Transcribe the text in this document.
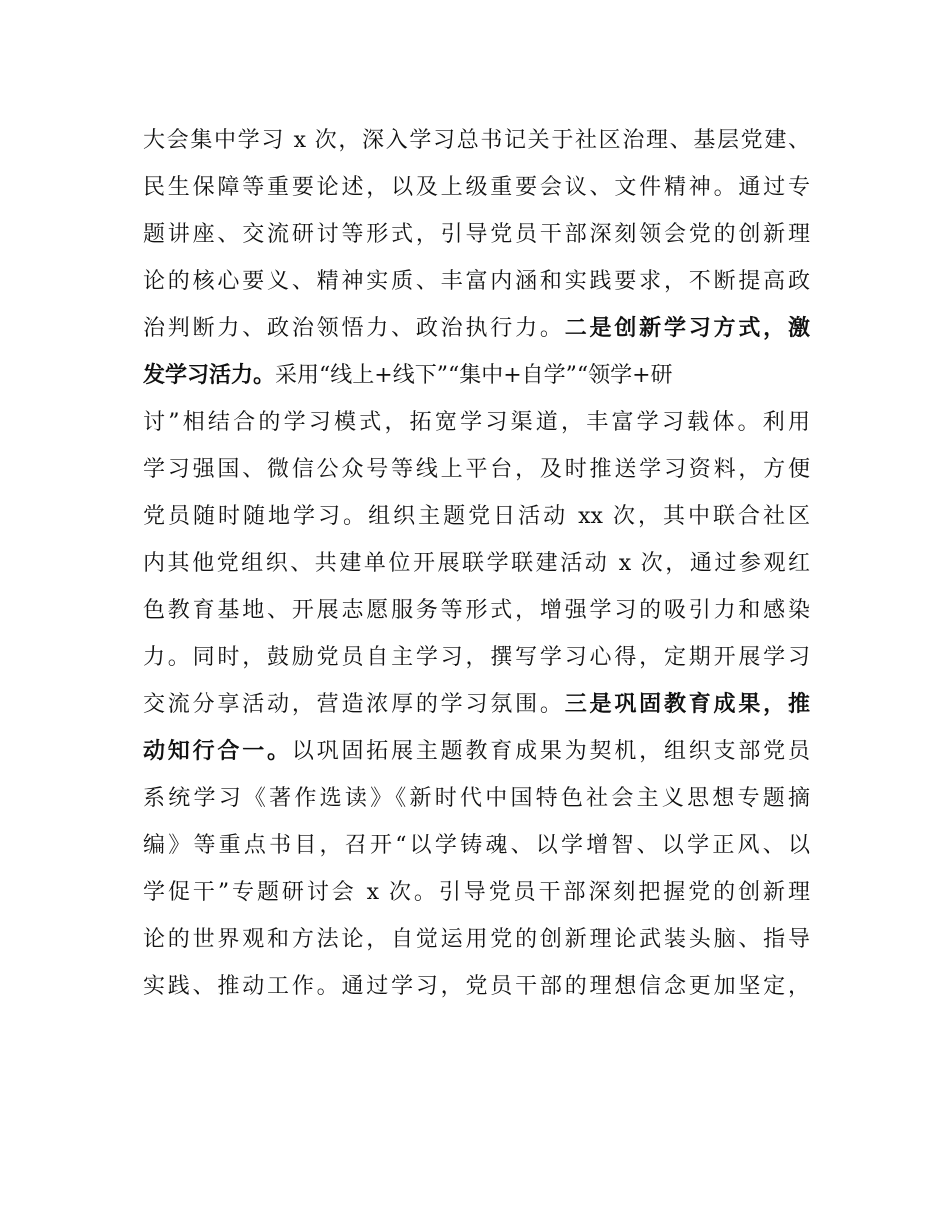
大会集中学习 x 次，深入学习总书记关于社区治理、基层党建、
民生保障等重要论述，以及上级重要会议、文件精神。通过专
题讲座、交流研讨等形式，引导党员干部深刻领会党的创新理
论的核心要义、精神实质、丰富内涵和实践要求，不断提高政
治判断力、政治领悟力、政治执行力。二是创新学习方式，激
发学习活力。采用“线上+线下”“集中+自学”“领学+研
讨”相结合的学习模式，拓宽学习渠道，丰富学习载体。利用
学习强国、微信公众号等线上平台，及时推送学习资料，方便
党员随时随地学习。组织主题党日活动 xx 次，其中联合社区
内其他党组织、共建单位开展联学联建活动 x 次，通过参观红
色教育基地、开展志愿服务等形式，增强学习的吸引力和感染
力。同时，鼓励党员自主学习，撰写学习心得，定期开展学习
交流分享活动，营造浓厚的学习氛围。三是巩固教育成果，推
动知行合一。以巩固拓展主题教育成果为契机，组织支部党员
系统学习《著作选读》《新时代中国特色社会主义思想专题摘
编》等重点书目，召开“以学铸魂、以学增智、以学正风、以
学促干”专题研讨会 x 次。引导党员干部深刻把握党的创新理
论的世界观和方法论，自觉运用党的创新理论武装头脑、指导
实践、推动工作。通过学习，党员干部的理想信念更加坚定，
